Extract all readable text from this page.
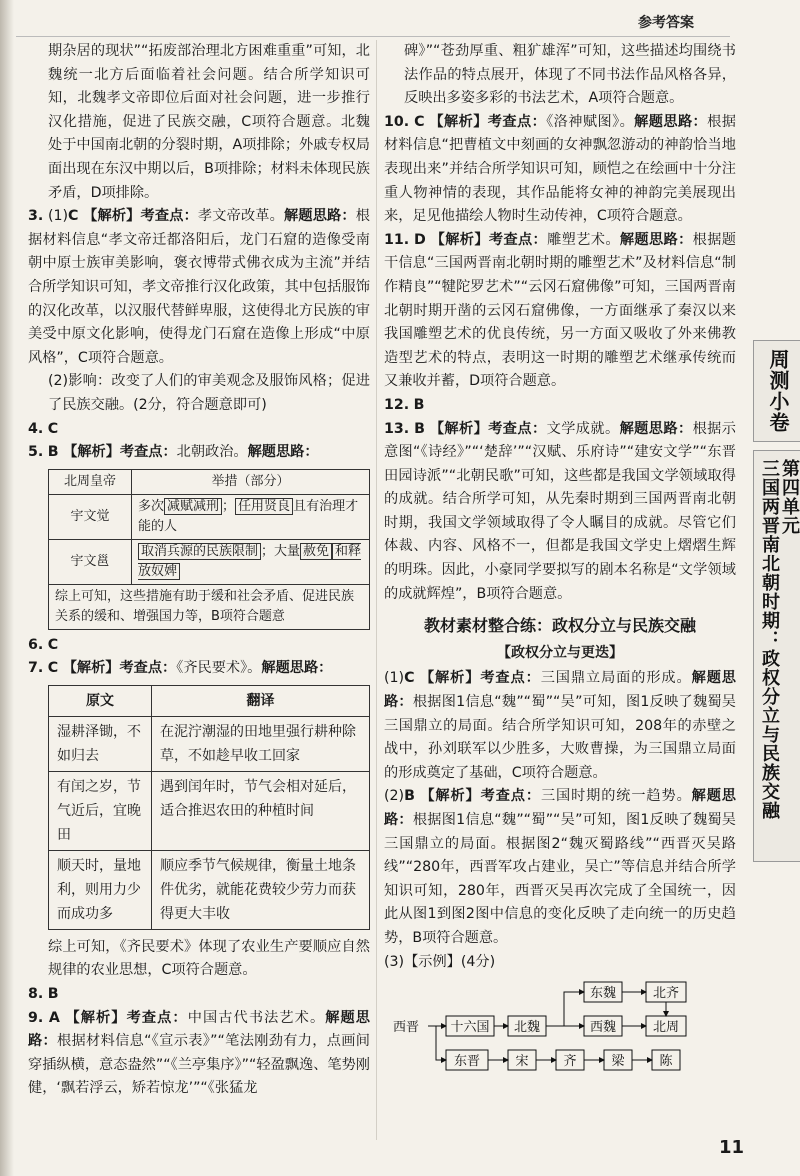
参考答案

期杂居的现状”“拓废部治理北方困难重重”可知，北魏统一北方后面临着社会问题。结合所学知识可知，北魏孝文帝即位后面对社会问题，进一步推行汉化措施，促进了民族交融，C项符合题意。北魏处于中国南北朝的分裂时期，A项排除；外戚专权局面出现在东汉中期以后，B项排除；材料未体现民族矛盾，D项排除。

3. (1)C 【解析】考查点：孝文帝改革。解题思路：根据材料信息“孝文帝迁都洛阳后，龙门石窟的造像受南朝中原士族审美影响，褒衣博带式佛衣成为主流”并结合所学知识可知，孝文帝推行汉化政策，其中包括服饰的汉化改革，以汉服代替鲜卑服，这使得北方民族的审美受中原文化影响，使得龙门石窟在造像上形成“中原风格”，C项符合题意。

(2)影响：改变了人们的审美观念及服饰风格；促进了民族交融。(2分，符合题意即可)

4. C

5. B 【解析】考查点：北朝政治。解题思路：

北周皇帝	举措（部分）
宇文觉	多次 减赋减刑 ； 任用贤良 且有治理才能的人
宇文邕	取消兵源的民族限制 ；大量 赦免 和释放奴婢
综上可知，这些措施有助于缓和社会矛盾、促进民族关系的缓和、增强国力等，B项符合题意	

6. C

7. C 【解析】考查点：《齐民要术》。解题思路：

原文	翻译
湿耕泽锄，不如归去	在泥泞潮湿的田地里强行耕种除草，不如趁早收工回家
有闰之岁，节气近后，宜晚田	遇到闰年时，节气会相对延后，适合推迟农田的种植时间
顺天时，量地利，则用力少而成功多	顺应季节气候规律，衡量土地条件优劣，就能花费较少劳力而获得更大丰收

综上可知，《齐民要术》体现了农业生产要顺应自然规律的农业思想，C项符合题意。

8. B

9. A 【解析】考查点：中国古代书法艺术。解题思路：根据材料信息“《宣示表》”“笔法刚劲有力，点画间穿插纵横，意态盎然”“《兰亭集序》”“轻盈飘逸、笔势刚健，‘飘若浮云，矫若惊龙’”“《张猛龙

碑》”“苍劲厚重、粗犷雄浑”可知，这些描述均围绕书法作品的特点展开，体现了不同书法作品风格各异，反映出多姿多彩的书法艺术，A项符合题意。

10. C 【解析】考查点：《洛神赋图》。解题思路：根据材料信息“把曹植文中刻画的女神飘忽游动的神韵恰当地表现出来”并结合所学知识可知，顾恺之在绘画中十分注重人物神情的表现，其作品能将女神的神韵完美展现出来，足见他描绘人物时生动传神，C项符合题意。

11. D 【解析】考查点：雕塑艺术。解题思路：根据题干信息“三国两晋南北朝时期的雕塑艺术”及材料信息“制作精良”“犍陀罗艺术”“云冈石窟佛像”可知，三国两晋南北朝时期开凿的云冈石窟佛像，一方面继承了秦汉以来我国雕塑艺术的优良传统，另一方面又吸收了外来佛教造型艺术的特点，表明这一时期的雕塑艺术继承传统而又兼收并蓄，D项符合题意。

12. B

13. B 【解析】考查点：文学成就。解题思路：根据示意图“《诗经》”“‘楚辞’”“汉赋、乐府诗”“建安文学”“东晋田园诗派”“北朝民歌”可知，这些都是我国文学领域取得的成就。结合所学可知，从先秦时期到三国两晋南北朝时期，我国文学领域取得了令人瞩目的成就。尽管它们体裁、内容、风格不一，但都是我国文学史上熠熠生辉的明珠。因此，小豪同学要拟写的剧本名称是“文学领域的成就辉煌”，B项符合题意。

教材素材整合练：政权分立与民族交融
【政权分立与更迭】

(1)C 【解析】考查点：三国鼎立局面的形成。解题思路：根据图1信息“魏”“蜀”“吴”可知，图1反映了魏蜀吴三国鼎立的局面。结合所学知识可知，208年的赤壁之战中，孙刘联军以少胜多，大败曹操，为三国鼎立局面的形成奠定了基础，C项符合题意。

(2)B 【解析】考查点：三国时期的统一趋势。解题思路：根据图1信息“魏”“蜀”“吴”可知，图1反映了魏蜀吴三国鼎立的局面。根据图2“魏灭蜀路线”“西晋灭吴路线”“280年，西晋军攻占建业，吴亡”等信息并结合所学知识可知，280年，西晋灭吴再次完成了全国统一，因此从图1到图2图中信息的变化反映了走向统一的历史趋势，B项符合题意。

(3)【示例】(4分)

西晋 十六国 北魏
东魏	北齐
西魏	北周
东晋	宋	齐	梁	陈
周测小卷
第四单元
三国两晋南北朝时期：政权分立与民族交融
11
